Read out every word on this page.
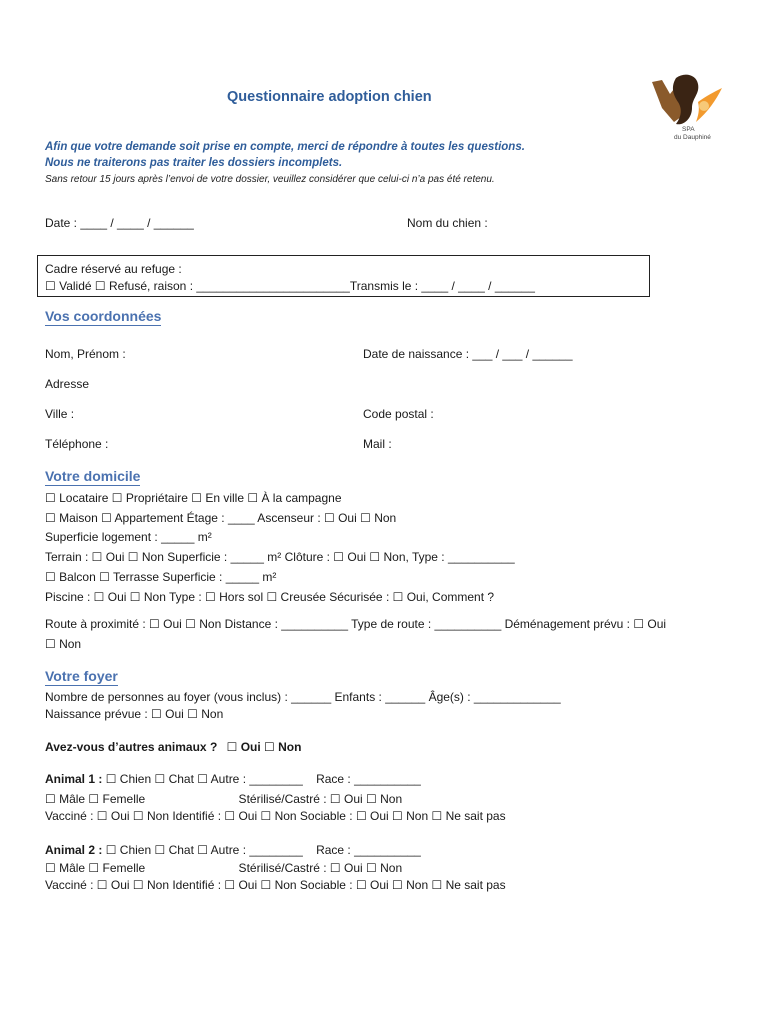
SPA
du Dauphiné
Questionnaire adoption chien
Afin que votre demande soit prise en compte, merci de répondre à toutes les questions.
Nous ne traiterons pas traiter les dossiers incomplets.
Sans retour 15 jours après l’envoi de votre dossier, veuillez considérer que celui-ci n’a pas été retenu.
Date : ____ / ____ / ______	Nom du chien :
Cadre réservé au refuge :
☐ Validé ☐ Refusé, raison : _______________________Transmis le : ____ / ____ / ______
Vos coordonnées
Nom, Prénom :	Date de naissance : ___ / ___ / ______
Adresse
Ville :	Code postal :
Téléphone :	Mail :
Votre domicile
☐ Locataire ☐ Propriétaire ☐ En ville ☐ À la campagne
☐ Maison ☐ Appartement Étage : ____ Ascenseur : ☐ Oui ☐ Non
Superficie logement : _____ m²
Terrain : ☐ Oui ☐ Non Superficie : _____ m² Clôture : ☐ Oui ☐ Non, Type : __________
☐ Balcon ☐ Terrasse Superficie : _____ m²
Piscine : ☐ Oui ☐ Non Type : ☐ Hors sol ☐ Creusée Sécurisée : ☐ Oui, Comment ?
Route à proximité : ☐ Oui ☐ Non Distance : __________ Type de route : __________ Déménagement prévu : ☐ Oui
☐ Non
Votre foyer
Nombre de personnes au foyer (vous inclus) : ______ Enfants : ______ Âge(s) : _____________
Naissance prévue : ☐ Oui ☐ Non
Avez-vous d’autres animaux ? ☐ Oui ☐ Non
Animal 1 : ☐ Chien ☐ Chat ☐ Autre : ________    Race : __________
☐ Mâle ☐ Femelle                            Stérilisé/Castré : ☐ Oui ☐ Non
Vacciné : ☐ Oui ☐ Non Identifié : ☐ Oui ☐ Non Sociable : ☐ Oui ☐ Non ☐ Ne sait pas
Animal 2 : ☐ Chien ☐ Chat ☐ Autre : ________    Race : __________
☐ Mâle ☐ Femelle                            Stérilisé/Castré : ☐ Oui ☐ Non
Vacciné : ☐ Oui ☐ Non Identifié : ☐ Oui ☐ Non Sociable : ☐ Oui ☐ Non ☐ Ne sait pas
